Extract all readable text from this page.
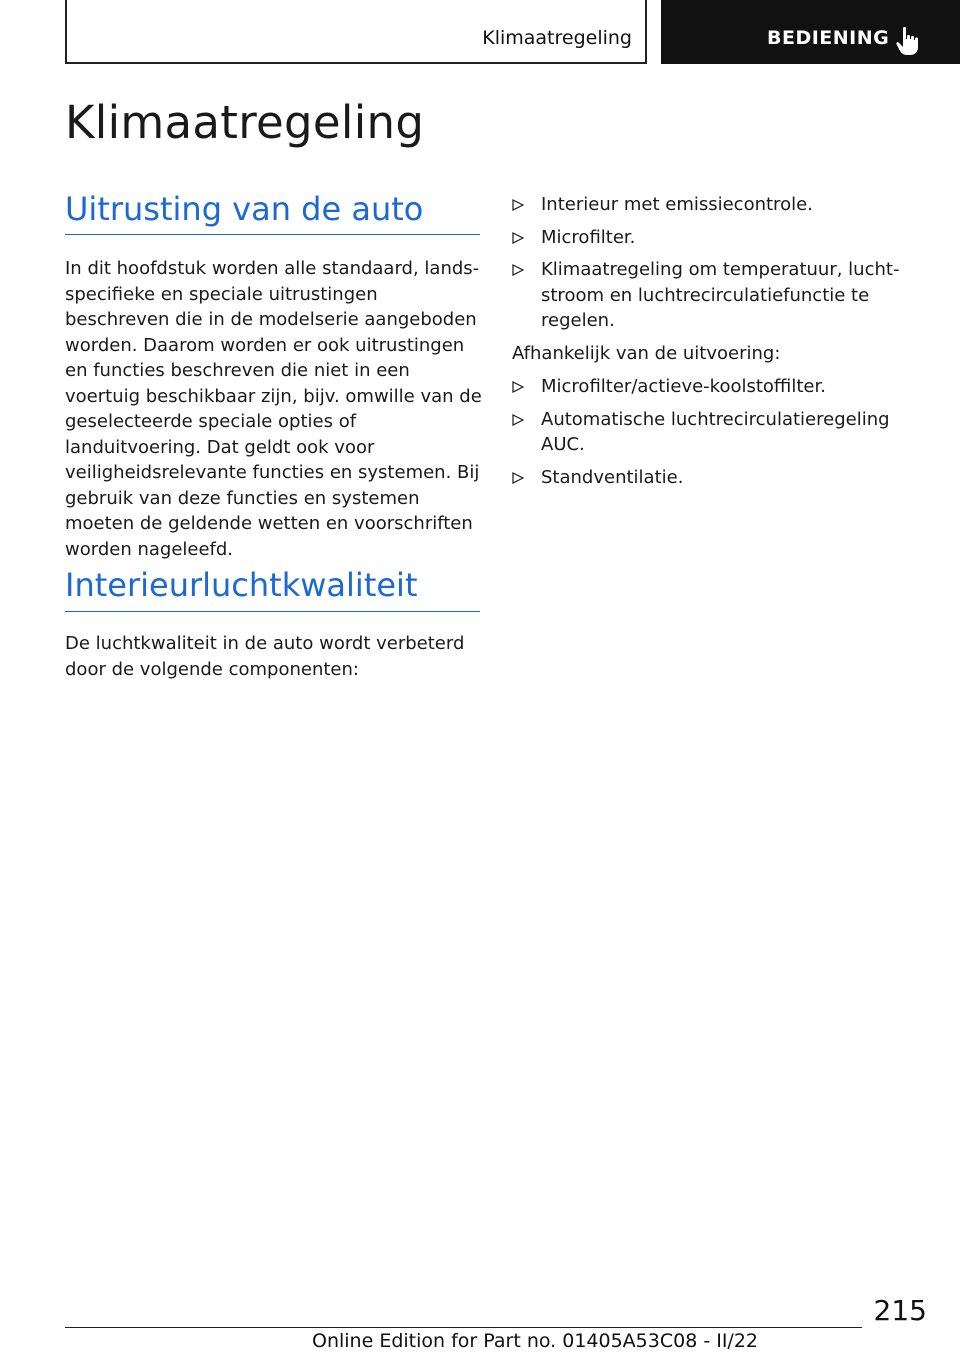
Klimaatregeling	BEDIENING
Klimaatregeling
Uitrusting van de auto
In dit hoofdstuk worden alle standaard, landsspecifieke en speciale uitrustingen beschreven die in de modelserie aangeboden worden. Daarom worden er ook uitrustingen en functies beschreven die niet in een voertuig beschikbaar zijn, bijv. omwille van de geselecteerde speciale opties of landuitvoering. Dat geldt ook voor veiligheidsrelevante functies en systemen. Bij gebruik van deze functies en systemen moeten de geldende wetten en voorschriften worden nageleefd.
Interieurluchtkwaliteit
De luchtkwaliteit in de auto wordt verbeterd door de volgende componenten:
Interieur met emissiecontrole.
Microfilter.
Klimaatregeling om temperatuur, luchtstroom en luchtrecirculatiefunctie te regelen.
Afhankelijk van de uitvoering:
Microfilter/actieve-koolstoffilter.
Automatische luchtrecirculatieregeling AUC.
Standventilatie.
215
Online Edition for Part no. 01405A53C08 - II/22
